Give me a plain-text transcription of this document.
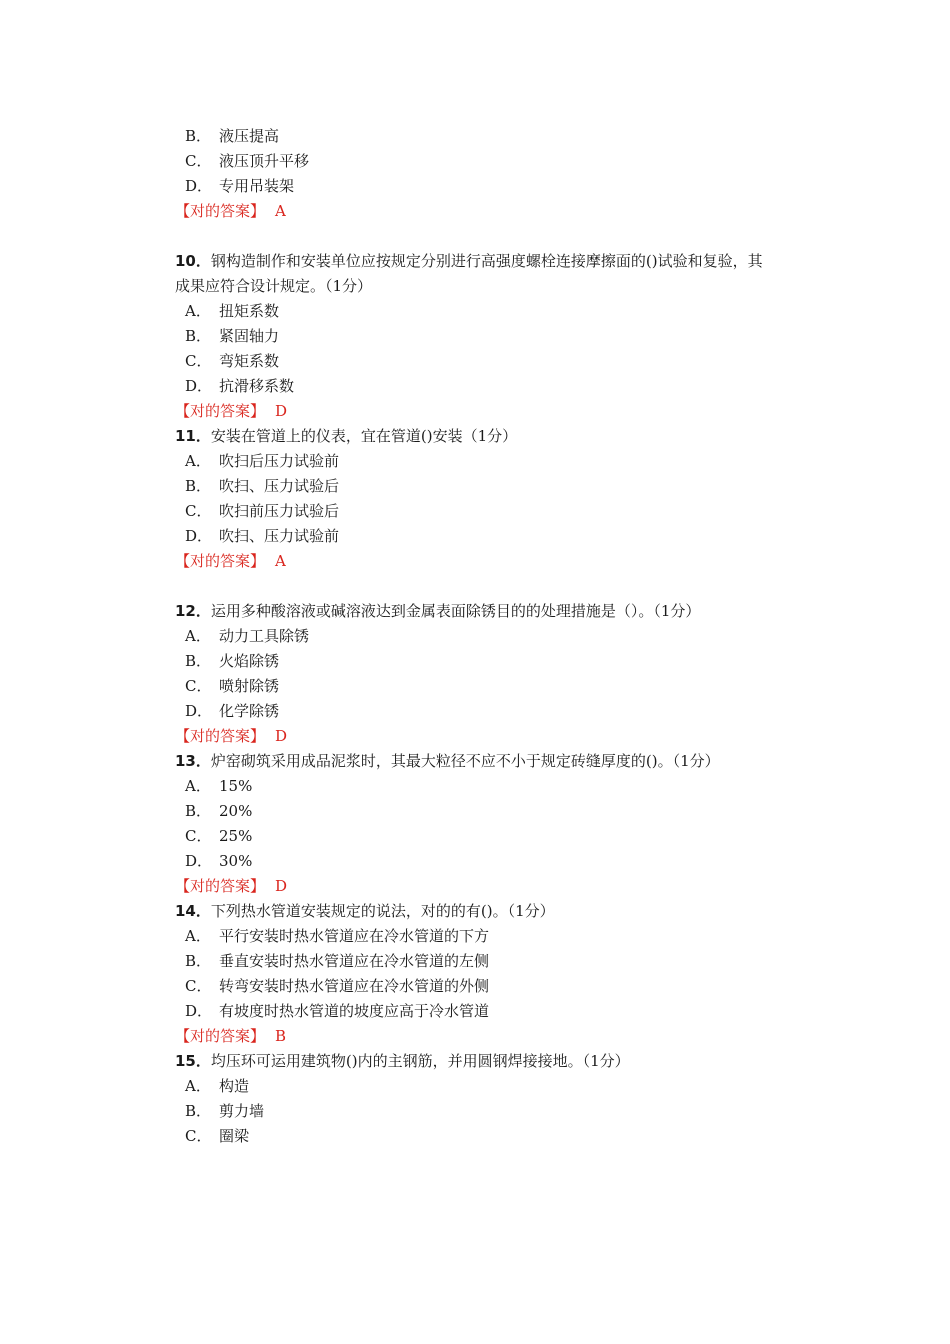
B． 液压提高
C． 液压顶升平移
D． 专用吊装架
【对的答案】 A
10．钢构造制作和安装单位应按规定分别进行高强度螺栓连接摩擦面的()试验和复验，其成果应符合设计规定。（1分）
A． 扭矩系数
B． 紧固轴力
C． 弯矩系数
D． 抗滑移系数
【对的答案】 D
11．安装在管道上的仪表，宜在管道()安装（1分）
A． 吹扫后压力试验前
B． 吹扫、压力试验后
C． 吹扫前压力试验后
D． 吹扫、压力试验前
【对的答案】 A
12．运用多种酸溶液或碱溶液达到金属表面除锈目的的处理措施是（）。（1分）
A． 动力工具除锈
B． 火焰除锈
C． 喷射除锈
D． 化学除锈
【对的答案】 D
13．炉窑砌筑采用成品泥浆时，其最大粒径不应不小于规定砖缝厚度的()。（1分）
A． 15%
B． 20%
C． 25%
D． 30%
【对的答案】 D
14．下列热水管道安装规定的说法，对的的有()。（1分）
A． 平行安装时热水管道应在冷水管道的下方
B． 垂直安装时热水管道应在冷水管道的左侧
C． 转弯安装时热水管道应在冷水管道的外侧
D． 有坡度时热水管道的坡度应高于冷水管道
【对的答案】 B
15．均压环可运用建筑物()内的主钢筋，并用圆钢焊接接地。（1分）
A． 构造
B． 剪力墙
C． 圈梁
